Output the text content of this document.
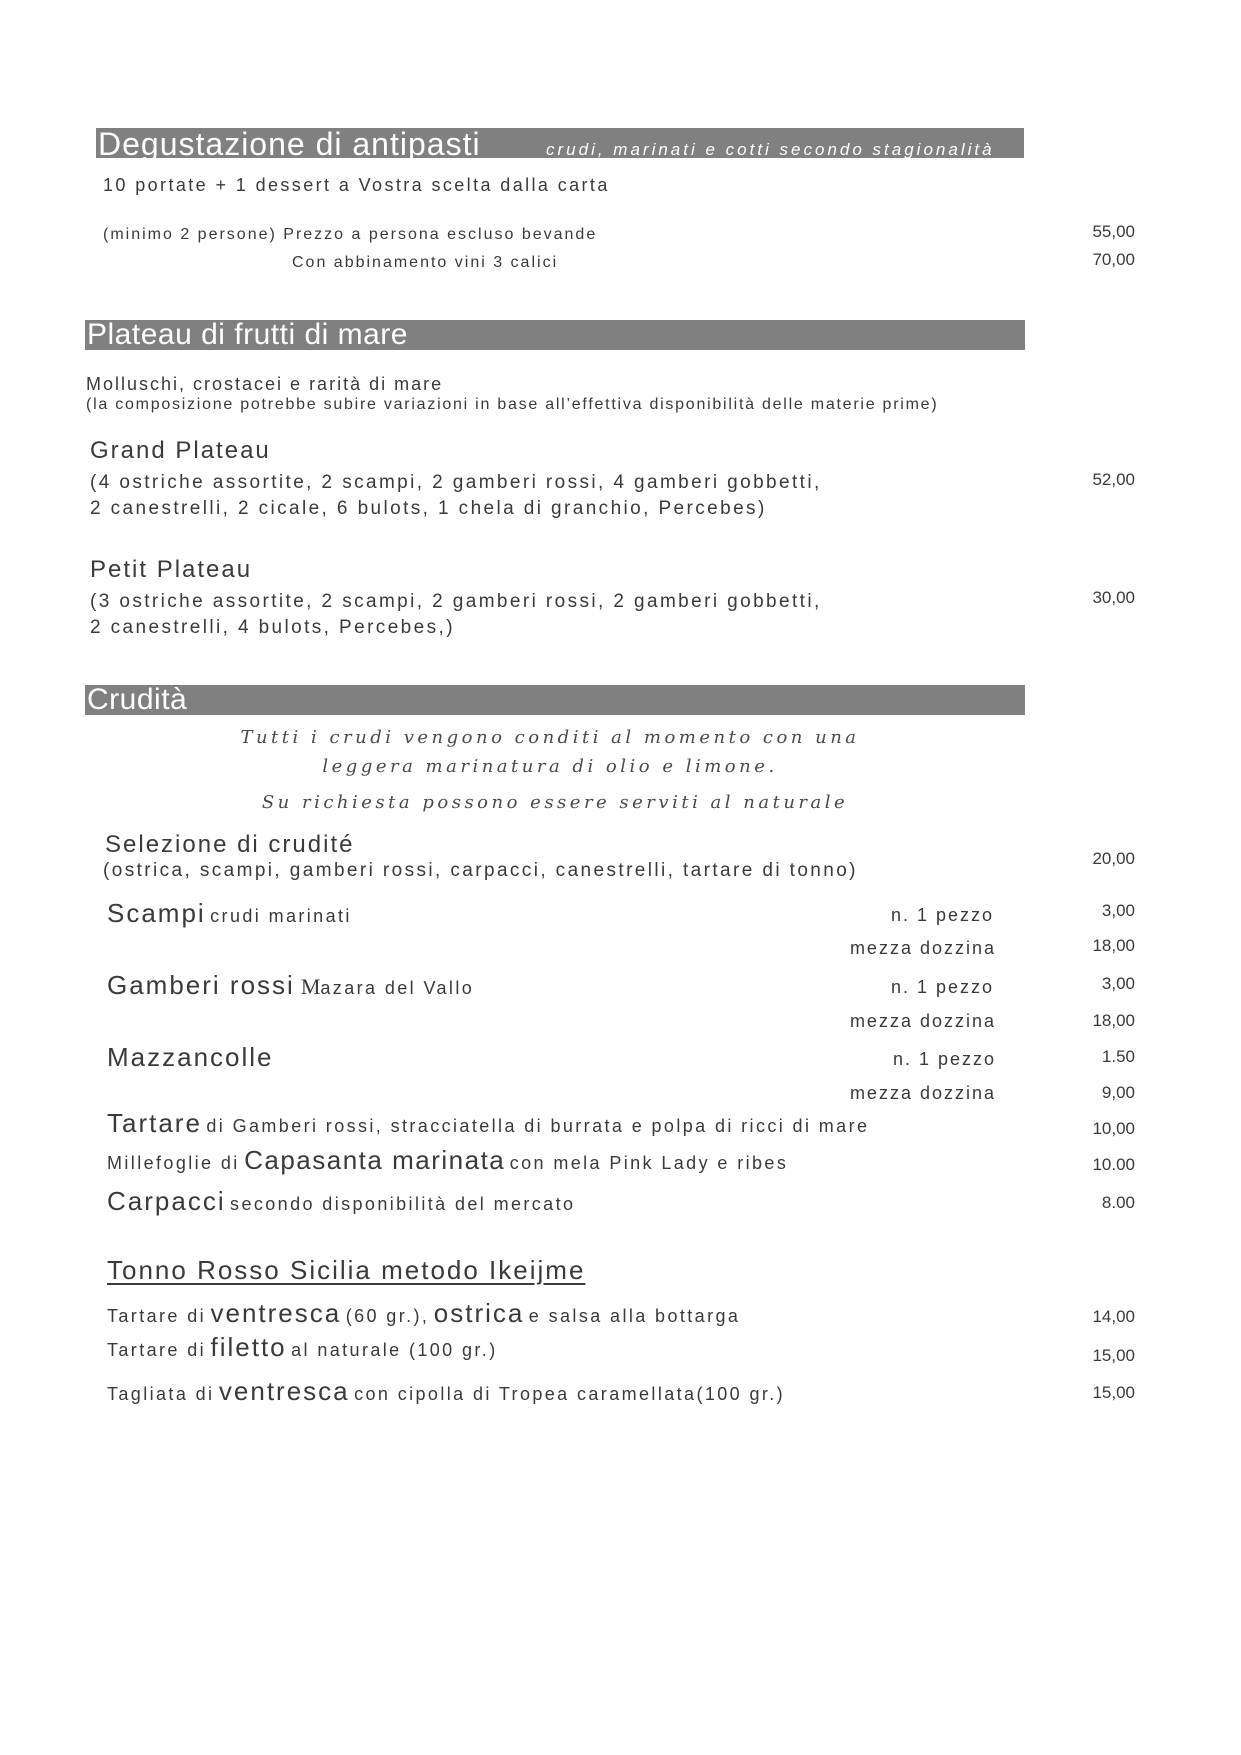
Degustazione di antipasti	crudi, marinati e cotti secondo stagionalità
10 portate + 1 dessert a Vostra scelta dalla carta
(minimo 2 persone) Prezzo a persona escluso bevande	55,00
Con abbinamento vini 3 calici	70,00
Plateau di frutti di mare
Molluschi, crostacei e rarità di mare
(la composizione potrebbe subire variazioni in base all’effettiva disponibilità delle materie prime)
Grand Plateau
(4 ostriche assortite, 2 scampi, 2 gamberi rossi, 4 gamberi gobbetti,
2 canestrelli, 2 cicale, 6 bulots, 1 chela di granchio, Percebes)
52,00
Petit Plateau
(3 ostriche assortite, 2 scampi, 2 gamberi rossi, 2 gamberi gobbetti,
2 canestrelli, 4 bulots, Percebes,)
30,00
Crudità
Tutti i crudi vengono conditi al momento con una
leggera marinatura di olio e limone.
Su richiesta possono essere serviti al naturale
Selezione di crudité
(ostrica, scampi, gamberi rossi, carpacci, canestrelli, tartare di tonno)
20,00
Scampi crudi marinati	n. 1 pezzo	3,00
mezza dozzina	18,00
Gamberi rossi Mazara del Vallo	n. 1 pezzo	3,00
mezza dozzina	18,00
Mazzancolle	n. 1 pezzo	1.50
mezza dozzina	9,00
Tartare di Gamberi rossi, stracciatella di burrata e polpa di ricci di mare	10,00
Millefoglie di Capasanta marinata con mela Pink Lady e ribes	10.00
Carpacci secondo disponibilità del mercato	8.00
Tonno Rosso Sicilia metodo Ikeijme
Tartare di ventresca (60 gr.), ostrica e salsa alla bottarga	14,00
Tartare di filetto al naturale (100 gr.)	15,00
Tagliata di ventresca con cipolla di Tropea caramellata(100 gr.)	15,00
